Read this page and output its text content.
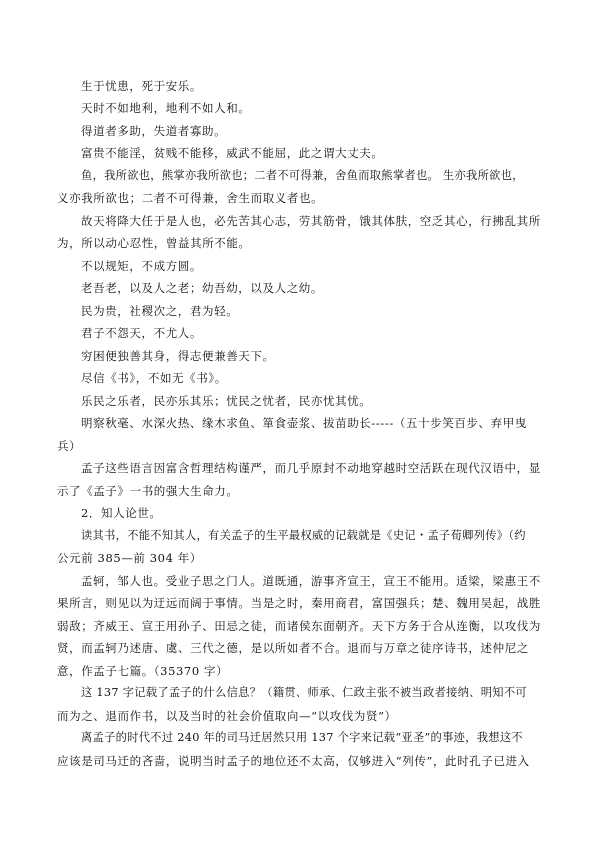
生于忧患，死于安乐。

天时不如地利，地利不如人和。

得道者多助，失道者寡助。

富贵不能淫，贫贱不能移，威武不能屈，此之谓大丈夫。

鱼，我所欲也，熊掌亦我所欲也；二者不可得兼，舍鱼而取熊掌者也。 生亦我所欲也，

义亦我所欲也；二者不可得兼，舍生而取义者也。

故天将降大任于是人也，必先苦其心志，劳其筋骨，饿其体肤，空乏其心，行拂乱其所

为，所以动心忍性，曾益其所不能。

不以规矩，不成方圆。

老吾老，以及人之老；幼吾幼，以及人之幼。

民为贵，社稷次之，君为轻。

君子不怨天，不尤人。

穷困便独善其身，得志便兼善天下。

尽信《书》，不如无《书》。

乐民之乐者，民亦乐其乐；忧民之忧者，民亦忧其忧。

明察秋毫、水深火热、缘木求鱼、箪食壶浆、拔苗助长-----（五十步笑百步、弃甲曳

兵）

孟子这些语言因富含哲理结构谨严，而几乎原封不动地穿越时空活跃在现代汉语中，显

示了《孟子》一书的强大生命力。

2．知人论世。

读其书，不能不知其人，有关孟子的生平最权威的记载就是《史记・孟子荀卿列传》（约

公元前 385—前 304 年）

孟轲，邹人也。受业子思之门人。道既通，游事齐宣王，宣王不能用。适梁，梁惠王不

果所言，则见以为迂远而阔于事情。当是之时，秦用商君，富国强兵；楚、魏用吴起，战胜

弱敌；齐威王、宣王用孙子、田忌之徒，而诸侯东面朝齐。天下方务于合从连衡，以攻伐为

贤，而孟轲乃述唐、虞、三代之德，是以所如者不合。退而与万章之徒序诗书，述仲尼之

意，作孟子七篇。（35370 字）

这 137 字记载了孟子的什么信息？（籍贯、师承、仁政主张不被当政者接纳、明知不可

而为之、退而作书，以及当时的社会价值取向—“以攻伐为贤”）

离孟子的时代不过 240 年的司马迁居然只用 137 个字来记载“亚圣”的事迹，我想这不

应该是司马迁的吝啬，说明当时孟子的地位还不太高，仅够进入“列传”，此时孔子已进入
